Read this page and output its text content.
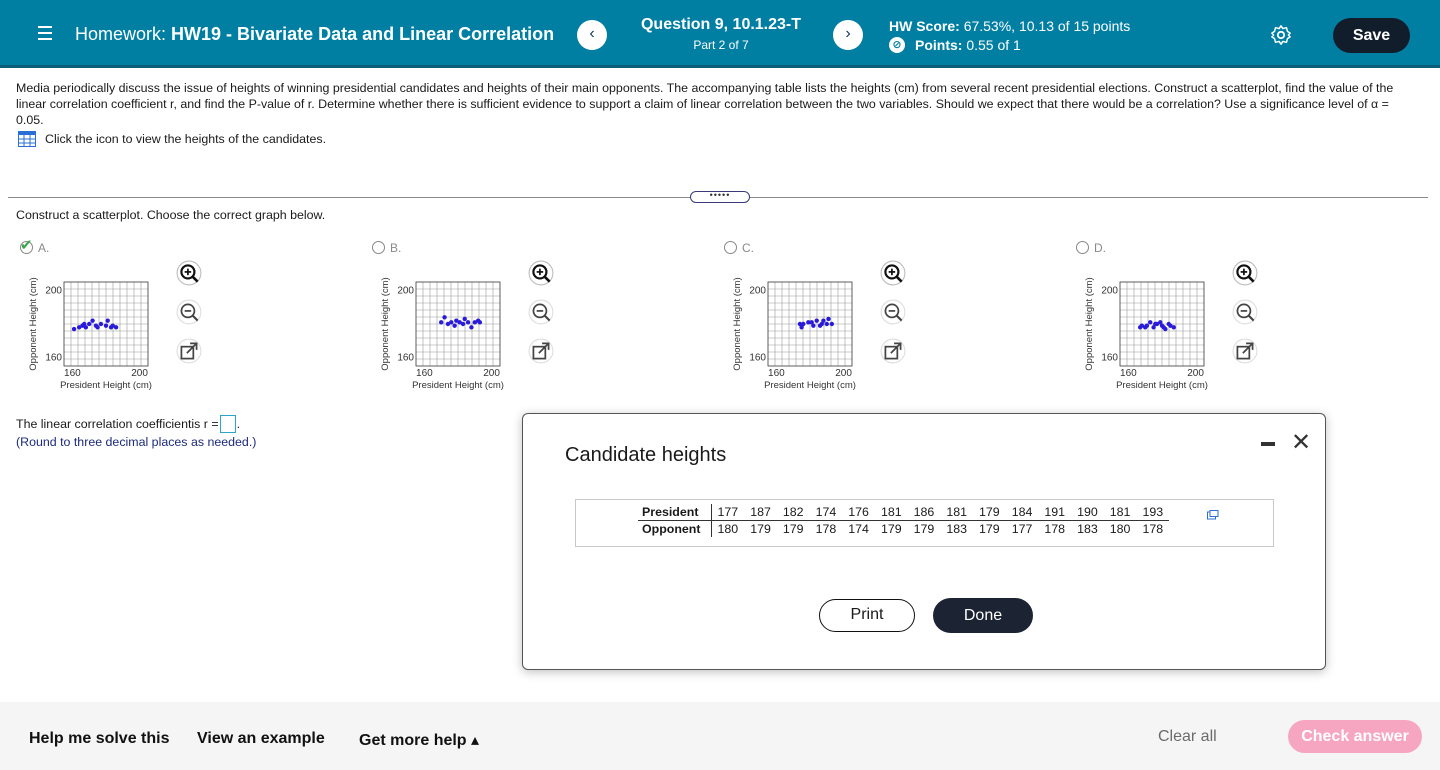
Homework: HW19 - Bivariate Data and Linear Correlation	‹
Question 9, 10.1.23-T
Part 2 of 7
›	HW Score: 67.53%, 10.13 of 15 points
⊘ Points:
0.55 of 1
Save
Media periodically discuss the issue of heights of winning presidential candidates and heights of their main opponents. The accompanying table lists the heights (cm) from several recent presidential elections. Construct a scatterplot, find the value of the linear correlation coefficient r, and find the P-value of r. Determine whether there is sufficient evidence to support a claim of linear correlation between the two variables. Should we expect that there would be a correlation? Use a significance level of α = 0.05.
Click the icon to view the heights of the candidates.
•••••
Construct a scatterplot. Choose the correct graph below.
✔ A.
200
160
160	200
President Height (cm)
Opponent Height (cm)
B.
200
160
160	200
President Height (cm)
Opponent Height (cm)
C.
200
160
160	200
President Height (cm)
Opponent Height (cm)
D.
200
160
160	200
President Height (cm)
Opponent Height (cm)
The linear correlation coefficientis r = .
(Round to three decimal places as needed.)
Candidate heights	✕
President	177	187	182	174	176	181	186	181	179	184	191	190	181	193
Opponent	180	179	179	178	174	179	179	183	179	177	178	183	180	178
Print	Done
Help me solve this View an example Get more help ▴	Clear all	Check answer
